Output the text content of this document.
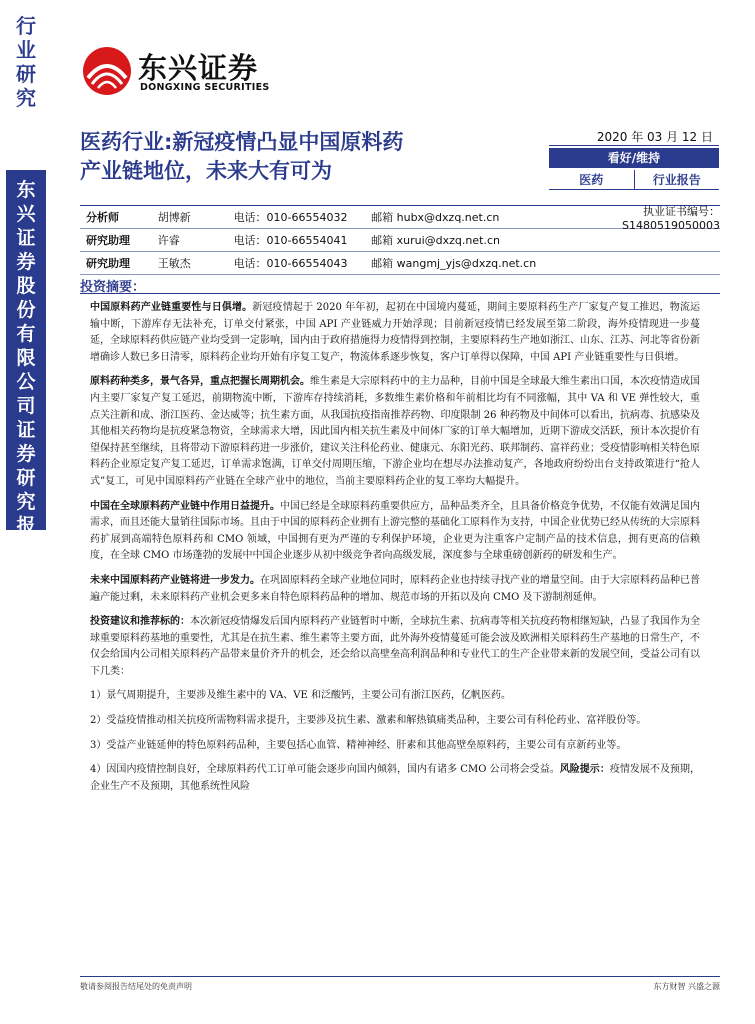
行
业
研
究
东
兴
证
券
股
份
有
限
公
司
证
券
研
究
报
告
东兴证券
DONGXING SECURITIES
医药行业:新冠疫情凸显中国原料药
产业链地位，未来大有可为
2020 年 03 月 12 日
看好/维持
医药	行业报告
分析师	胡博新	电话：010-66554032	邮箱 hubx@dxzq.net.cn	执业证书编号：S1480519050003
研究助理	许睿	电话：010-66554041	邮箱 xurui@dxzq.net.cn
研究助理	王敏杰	电话：010-66554043	邮箱 wangmj_yjs@dxzq.net.cn
投资摘要：

中国原料药产业链重要性与日俱增。新冠疫情起于 2020 年年初，起初在中国境内蔓延，期间主要原料药生产厂家复产复工推迟，物流运输中断，下游库存无法补充，订单交付紧张，中国 API 产业链威力开始浮现；目前新冠疫情已经发展至第二阶段，海外疫情现进一步蔓延，全球原料药供应链产业均受到一定影响，国内由于政府措施得力疫情得到控制，主要原料药生产地如浙江、山东、江苏、河北等省份新增确诊人数已多日清零，原料药企业均开始有序复工复产，物流体系逐步恢复，客户订单得以保障，中国 API 产业链重要性与日俱增。

原料药种类多，景气各异，重点把握长周期机会。维生素是大宗原料药中的主力品种，目前中国是全球最大维生素出口国，本次疫情造成国内主要厂家复产复工延迟，前期物流中断，下游库存持续消耗，多数维生素价格和年前相比均有不同涨幅，其中 VA 和 VE 弹性较大，重点关注新和成、浙江医药、金达威等；抗生素方面，从我国抗疫指南推荐药物、印度限制 26 种药物及中间体可以看出，抗病毒、抗感染及其他相关药物均是抗疫紧急物资，全球需求大增，因此国内相关抗生素及中间体厂家的订单大幅增加，近期下游成交活跃，预计本次提价有望保持甚至继续，且将带动下游原料药进一步涨价，建议关注科伦药业、健康元、东阳光药、联邦制药、富祥药业；受疫情影响相关特色原料药企业原定复产复工延迟，订单需求饱满，订单交付周期压缩，下游企业均在想尽办法推动复产，各地政府纷纷出台支持政策进行“抢人式”复工，可见中国原料药产业链在全球产业中的地位，当前主要原料药企业的复工率均大幅提升。

中国在全球原料药产业链中作用日益提升。中国已经是全球原料药重要供应方，品种品类齐全，且具备价格竞争优势，不仅能有效满足国内需求，而且还能大量销往国际市场。且由于中国的原料药企业拥有上游完整的基础化工原料作为支持，中国企业优势已经从传统的大宗原料药扩展到高端特色原料药和 CMO 领域，中国拥有更为严谨的专利保护环境，企业更为注重客户定制产品的技术信息，拥有更高的信赖度，在全球 CMO 市场蓬勃的发展中中国企业逐步从初中级竞争者向高级发展，深度参与全球重磅创新药的研发和生产。

未来中国原料药产业链将进一步发力。在巩固原料药全球产业地位同时，原料药企业也持续寻找产业的增量空间。由于大宗原料药品种已普遍产能过剩，未来原料药产业机会更多来自特色原料药品种的增加、规范市场的开拓以及向 CMO 及下游制剂延伸。

投资建议和推荐标的：本次新冠疫情爆发后国内原料药产业链暂时中断，全球抗生素、抗病毒等相关抗疫药物相继短缺，凸显了我国作为全球重要原料药基地的重要性，尤其是在抗生素、维生素等主要方面，此外海外疫情蔓延可能会波及欧洲相关原料药生产基地的日常生产，不仅会给国内公司相关原料药产品带来量价齐升的机会，还会给以高壁垒高利润品种和专业代工的生产企业带来新的发展空间，受益公司有以下几类：

1）景气周期提升，主要涉及维生素中的 VA、VE 和泛酸钙，主要公司有浙江医药，亿帆医药。

2）受益疫情推动相关抗疫所需物料需求提升，主要涉及抗生素、激素和解热镇痛类品种，主要公司有科伦药业、富祥股份等。

3）受益产业链延伸的特色原料药品种，主要包括心血管、精神神经、肝素和其他高壁垒原料药，主要公司有京新药业等。

4）因国内疫情控制良好，全球原料药代工订单可能会逐步向国内倾斜，国内有诸多 CMO 公司将会受益。风险提示：疫情发展不及预期，企业生产不及预期，其他系统性风险

敬请参阅报告结尾处的免责声明	东方财智 兴盛之源
